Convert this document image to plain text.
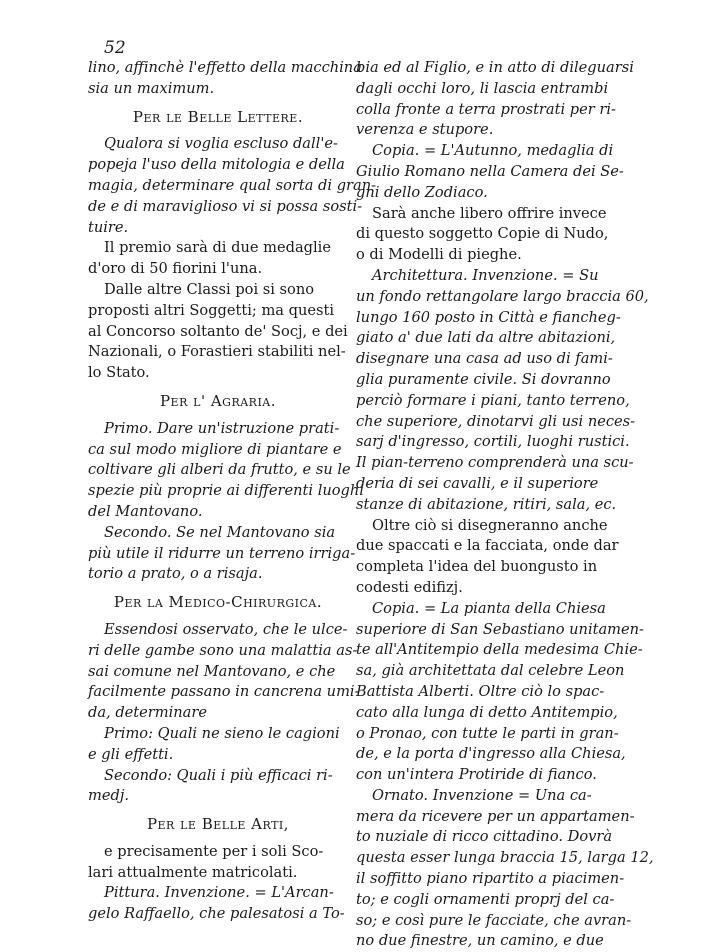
52
lino, affinchè l'effetto della macchina
sia un maximum.
Per le Belle Lettere.
Qualora si voglia escluso dall'e-
popeja l'uso della mitologia e della
magia, determinare qual sorta di gran-
de e di maraviglioso vi si possa sosti-
tuire.
Il premio sarà di due medaglie
d'oro di 50 fiorini l'una.
Dalle altre Classi poi si sono
proposti altri Soggetti; ma questi
al Concorso soltanto de' Socj, e dei
Nazionali, o Forastieri stabiliti nel-
lo Stato.
Per l' Agraria.
Primo. Dare un'istruzione prati-
ca sul modo migliore di piantare e
coltivare gli alberi da frutto, e su le
spezie più proprie ai differenti luoghi
del Mantovano.
Secondo. Se nel Mantovano sia
più utile il ridurre un terreno irriga-
torio a prato, o a risaja.
Per la Medico-Chirurgica.
Essendosi osservato, che le ulce-
ri delle gambe sono una malattia as-
sai comune nel Mantovano, e che
facilmente passano in cancrena umi-
da, determinare
Primo: Quali ne sieno le cagioni
e gli effetti.
Secondo: Quali i più efficaci ri-
medj.
Per le Belle Arti,
e precisamente per i soli Sco-
lari attualmente matricolati.
Pittura. Invenzione. = L'Arcan-
gelo Raffaello, che palesatosi a To-
bia ed al Figlio, e in atto di dileguarsi
dagli occhi loro, li lascia entrambi
colla fronte a terra prostrati per ri-
verenza e stupore.
Copia. = L'Autunno, medaglia di
Giulio Romano nella Camera dei Se-
gni dello Zodiaco.
Sarà anche libero offrire invece
di questo soggetto Copie di Nudo,
o di Modelli di pieghe.
Architettura. Invenzione. = Su
un fondo rettangolare largo braccia 60,
lungo 160 posto in Città e fiancheg-
giato a' due lati da altre abitazioni,
disegnare una casa ad uso di fami-
glia puramente civile. Si dovranno
perciò formare i piani, tanto terreno,
che superiore, dinotarvi gli usi neces-
sarj d'ingresso, cortili, luoghi rustici.
Il pian-terreno comprenderà una scu-
deria di sei cavalli, e il superiore
stanze di abitazione, ritiri, sala, ec.
Oltre ciò si disegneranno anche
due spaccati e la facciata, onde dar
completa l'idea del buongusto in
codesti edifizj.
Copia. = La pianta della Chiesa
superiore di San Sebastiano unitamen-
te all'Antitempio della medesima Chie-
sa, già architettata dal celebre Leon
Battista Alberti. Oltre ciò lo spac-
cato alla lunga di detto Antitempio,
o Pronao, con tutte le parti in gran-
de, e la porta d'ingresso alla Chiesa,
con un'intera Protiride di fianco.
Ornato. Invenzione = Una ca-
mera da ricevere per un appartamen-
to nuziale di ricco cittadino. Dovrà
questa esser lunga braccia 15, larga 12,
il soffitto piano ripartito a piacimen-
to; e cogli ornamenti proprj del ca-
so; e così pure le facciate, che avran-
no due finestre, un camino, e due
